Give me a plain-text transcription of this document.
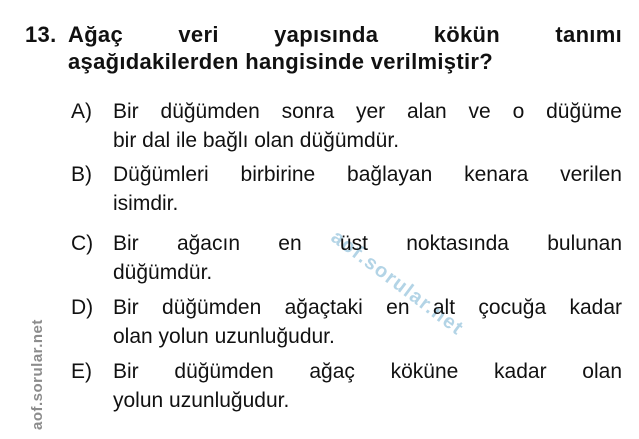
aof.sorular.net
aof.sorular.net
13. Ağaç veri yapısında kökün tanımı
aşağıdakilerden hangisinde verilmiştir?
A) Bir düğümden sonra yer alan ve o düğüme
bir dal ile bağlı olan düğümdür.
B) Düğümleri birbirine bağlayan kenara verilen
isimdir.
C) Bir ağacın en üst noktasında bulunan
düğümdür.
D) Bir düğümden ağaçtaki en alt çocuğa kadar
olan yolun uzunluğudur.
E) Bir düğümden ağaç köküne kadar olan
yolun uzunluğudur.
